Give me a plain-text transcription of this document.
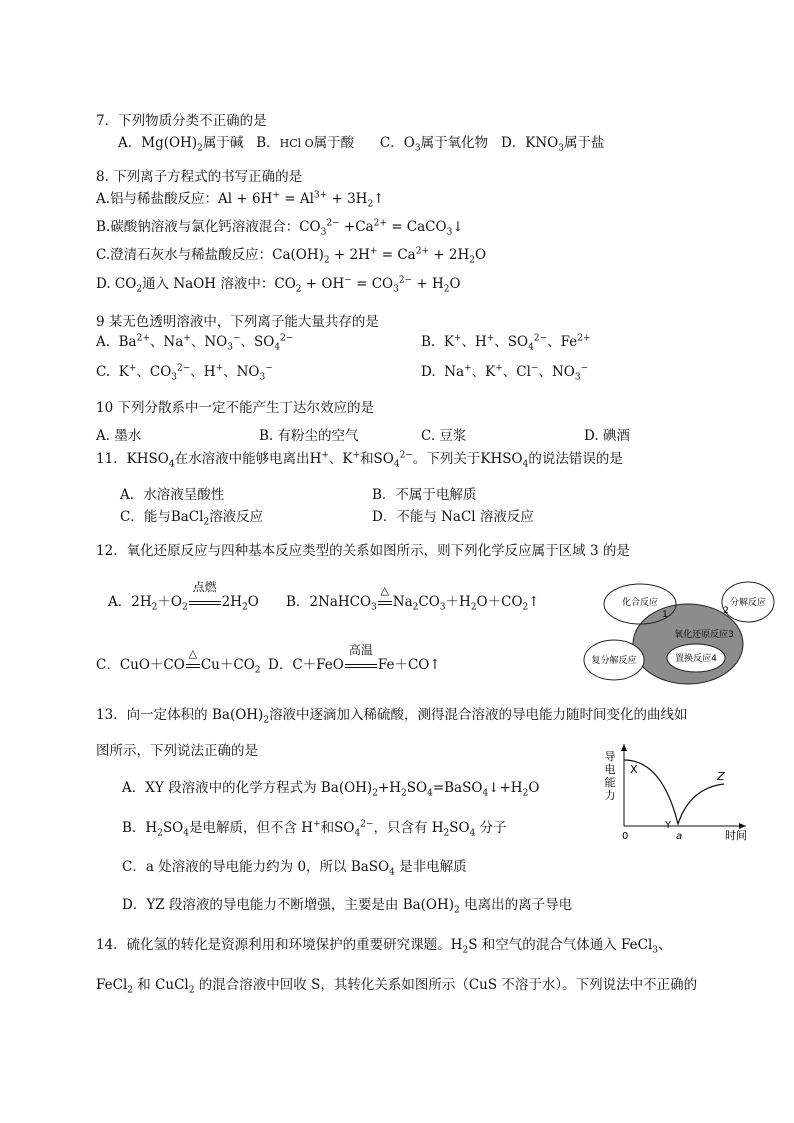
7．下列物质分类不正确的是
A．$Mg(OH)_2$属于碱 B．HCl O属于酸 C．$O_3$属于氧化物 D．$KNO_3$属于盐
8. 下列离子方程式的书写正确的是
A.铝与稀盐酸反应：$Al + 6H^+ = Al^{3+}$ + $3H_2↑$
B.碳酸钠溶液与氯化钙溶液混合：$CO_3^{2-} +Ca^{2+}$ = CaCO$_3$↓
C.澄清石灰水与稀盐酸反应：$Ca(OH)_2 + 2H^+ = Ca^{2+} + 2H_2O$
D. $CO_2$通入 NaOH 溶液中：$CO_2 + OH^- = CO_3^{2-} + H_2O$
9 某无色透明溶液中，下列离子能大量共存的是
A. $Ba^{2+}$、Na+、$NO_3^-$、$SO_4^{2-}$	B. K+、H+、$SO_4^{2-}$、$Fe^{2+}$
C. K+、$CO_3^{2-}$、H+、$NO_3^-$	D. Na+、K+、Cl−、$NO_3^-$
10 下列分散系中一定不能产生丁达尔效应的是
A. 墨水	B. 有粉尘的空气	C. 豆浆	D. 碘酒
11．$KHSO_4$在水溶液中能够电离出H+、K+和$SO_4^{2-}$。下列关于$KHSO_4$的说法错误的是
A．水溶液呈酸性	B．不属于电解质
C．能与BaCl$_2$溶液反应	D．不能与 NaCl 溶液反应
12．氧化还原反应与四种基本反应类型的关系如图所示，则下列化学反应属于区域 3 的是
A．$2H_2+O_2$
点燃
$2H_2O$ B．2NaHCO$_3$
△
$Na_2CO_3+H_2O+CO_2↑$
C．CuO＋CO
△
$Cu+CO_2$ D．C＋FeO
高温
Fe＋CO↑
化合反应
1
分解反应
2
氧化还原反应3
复分解反应	置换反应4
13．向一定体积的 $Ba(OH)_2$溶液中逐滴加入稀硫酸，测得混合溶液的导电能力随时间变化的曲线如
图所示，下列说法正确的是
A．XY 段溶液中的化学方程式为 $Ba(OH)_2+H_2SO_4=BaSO_4↓+H_2O$
B．$H_2SO_4$是电解质，但不含 H+和$SO_4^{2-}$，只含有 $H_2SO_4$ 分子
C．a 处溶液的导电能力约为 0，所以 BaSO$_4$ 是非电解质
D．YZ 段溶液的导电能力不断增强，主要是由 $Ba(OH)_2$ 电离出的离子导电
导
电
能
力
X
Y
Z
a
0	时间
14．硫化氢的转化是资源利用和环境保护的重要研究课题。$H_2S$ 和空气的混合气体通入 FeCl$_3$、
FeCl$_2$ 和 CuCl$_2$ 的混合溶液中回收 S，其转化关系如图所示（CuS 不溶于水）。下列说法中不正确的
